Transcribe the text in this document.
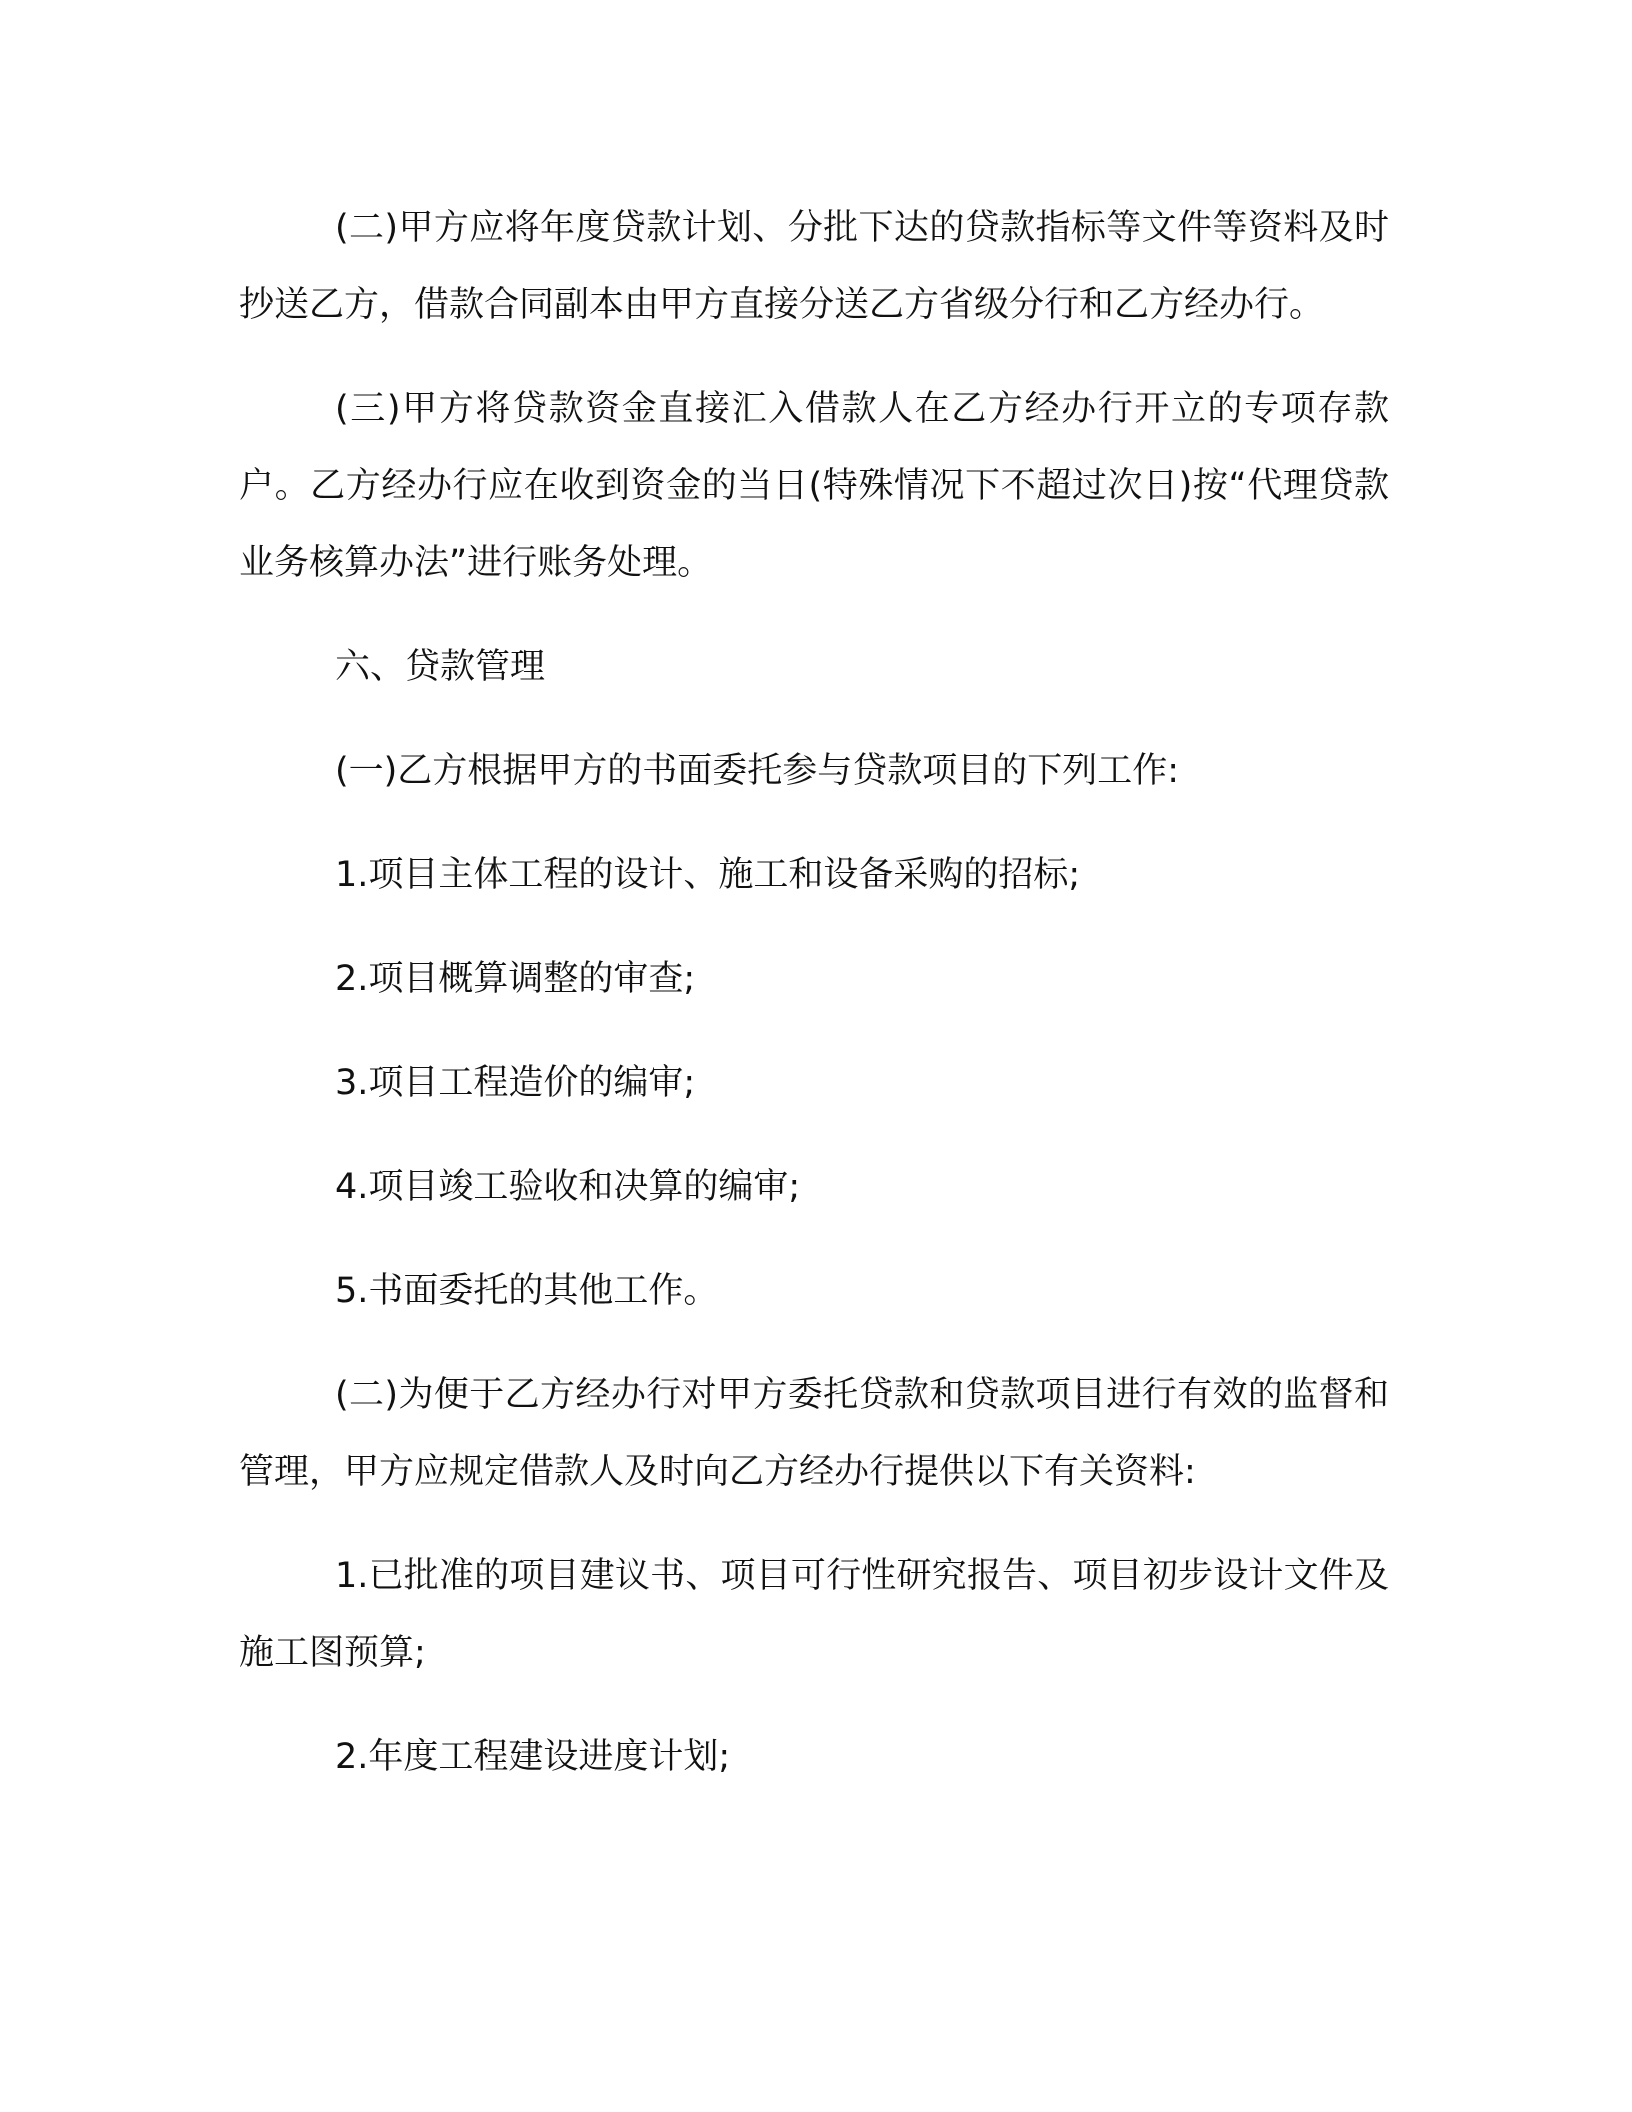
(二)甲方应将年度贷款计划、分批下达的贷款指标等文件等资料及时抄送乙方，借款合同副本由甲方直接分送乙方省级分行和乙方经办行。

(三)甲方将贷款资金直接汇入借款人在乙方经办行开立的专项存款户。乙方经办行应在收到资金的当日(特殊情况下不超过次日)按“代理贷款业务核算办法”进行账务处理。

六、贷款管理

(一)乙方根据甲方的书面委托参与贷款项目的下列工作:

1.项目主体工程的设计、施工和设备采购的招标;

2.项目概算调整的审查;

3.项目工程造价的编审;

4.项目竣工验收和决算的编审;

5.书面委托的其他工作。

(二)为便于乙方经办行对甲方委托贷款和贷款项目进行有效的监督和管理，甲方应规定借款人及时向乙方经办行提供以下有关资料:

1.已批准的项目建议书、项目可行性研究报告、项目初步设计文件及施工图预算;

2.年度工程建设进度计划;
